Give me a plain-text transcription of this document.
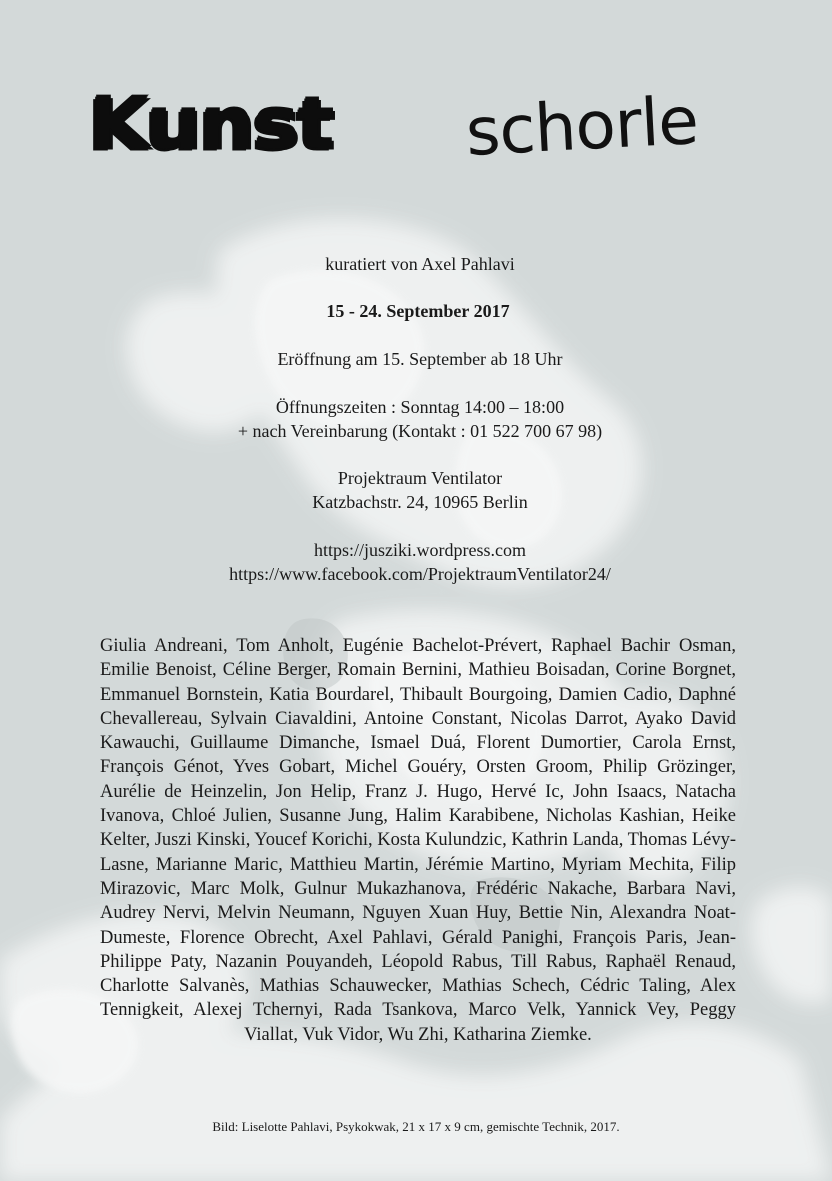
Kunst schorle
kuratiert von Axel Pahlavi
15 - 24. September 2017
Eröffnung am 15. September ab 18 Uhr
Öffnungszeiten : Sonntag 14:00 – 18:00
+ nach Vereinbarung (Kontakt : 01 522 700 67 98)
Projektraum Ventilator
Katzbachstr. 24, 10965 Berlin
https://juszikі.wordpress.com
https://www.facebook.com/ProjektraumVentilator24/
Giulia Andreani, Tom Anholt, Eugénie Bachelot-Prévert, Raphael Bachir Osman, Emilie Benoist, Céline Berger, Romain Bernini, Mathieu Boisadan, Corine Borgnet, Emmanuel Bornstein, Katia Bourdarel, Thibault Bourgoing, Damien Cadio, Daphné Chevallereau, Sylvain Ciavaldini, Antoine Constant, Nicolas Darrot, Ayako David Kawauchi, Guillaume Dimanche, Ismael Duá, Florent Dumortier, Carola Ernst, François Génot, Yves Gobart, Michel Gouéry, Orsten Groom, Philip Grözinger, Aurélie de Heinzelin, Jon Helip, Franz J. Hugo, Hervé Ic, John Isaacs, Natacha Ivanova, Chloé Julien, Susanne Jung, Halim Karabibene, Nicholas Kashian, Heike Kelter, Juszi Kinski, Youcef Korichi, Kosta Kulundzic, Kathrin Landa, Thomas Lévy-Lasne, Marianne Maric, Matthieu Martin, Jérémie Martino, Myriam Mechita, Filip Mirazovic, Marc Molk, Gulnur Mukazhanova, Frédéric Nakache, Barbara Navi, Audrey Nervi, Melvin Neumann, Nguyen Xuan Huy, Bettie Nin, Alexandra Noat-Dumeste, Florence Obrecht, Axel Pahlavi, Gérald Panighi, François Paris, Jean-Philippe Paty, Nazanin Pouyandeh, Léopold Rabus, Till Rabus, Raphaël Renaud, Charlotte Salvanès, Mathias Schauwecker, Mathias Schech, Cédric Taling, Alex Tennigkeit, Alexej Tchernyi, Rada Tsankova, Marco Velk, Yannick Vey, Peggy Viallat, Vuk Vidor, Wu Zhi, Katharina Ziemke.
Bild: Liselotte Pahlavi, Psykokwak, 21 x 17 x 9 cm, gemischte Technik, 2017.
